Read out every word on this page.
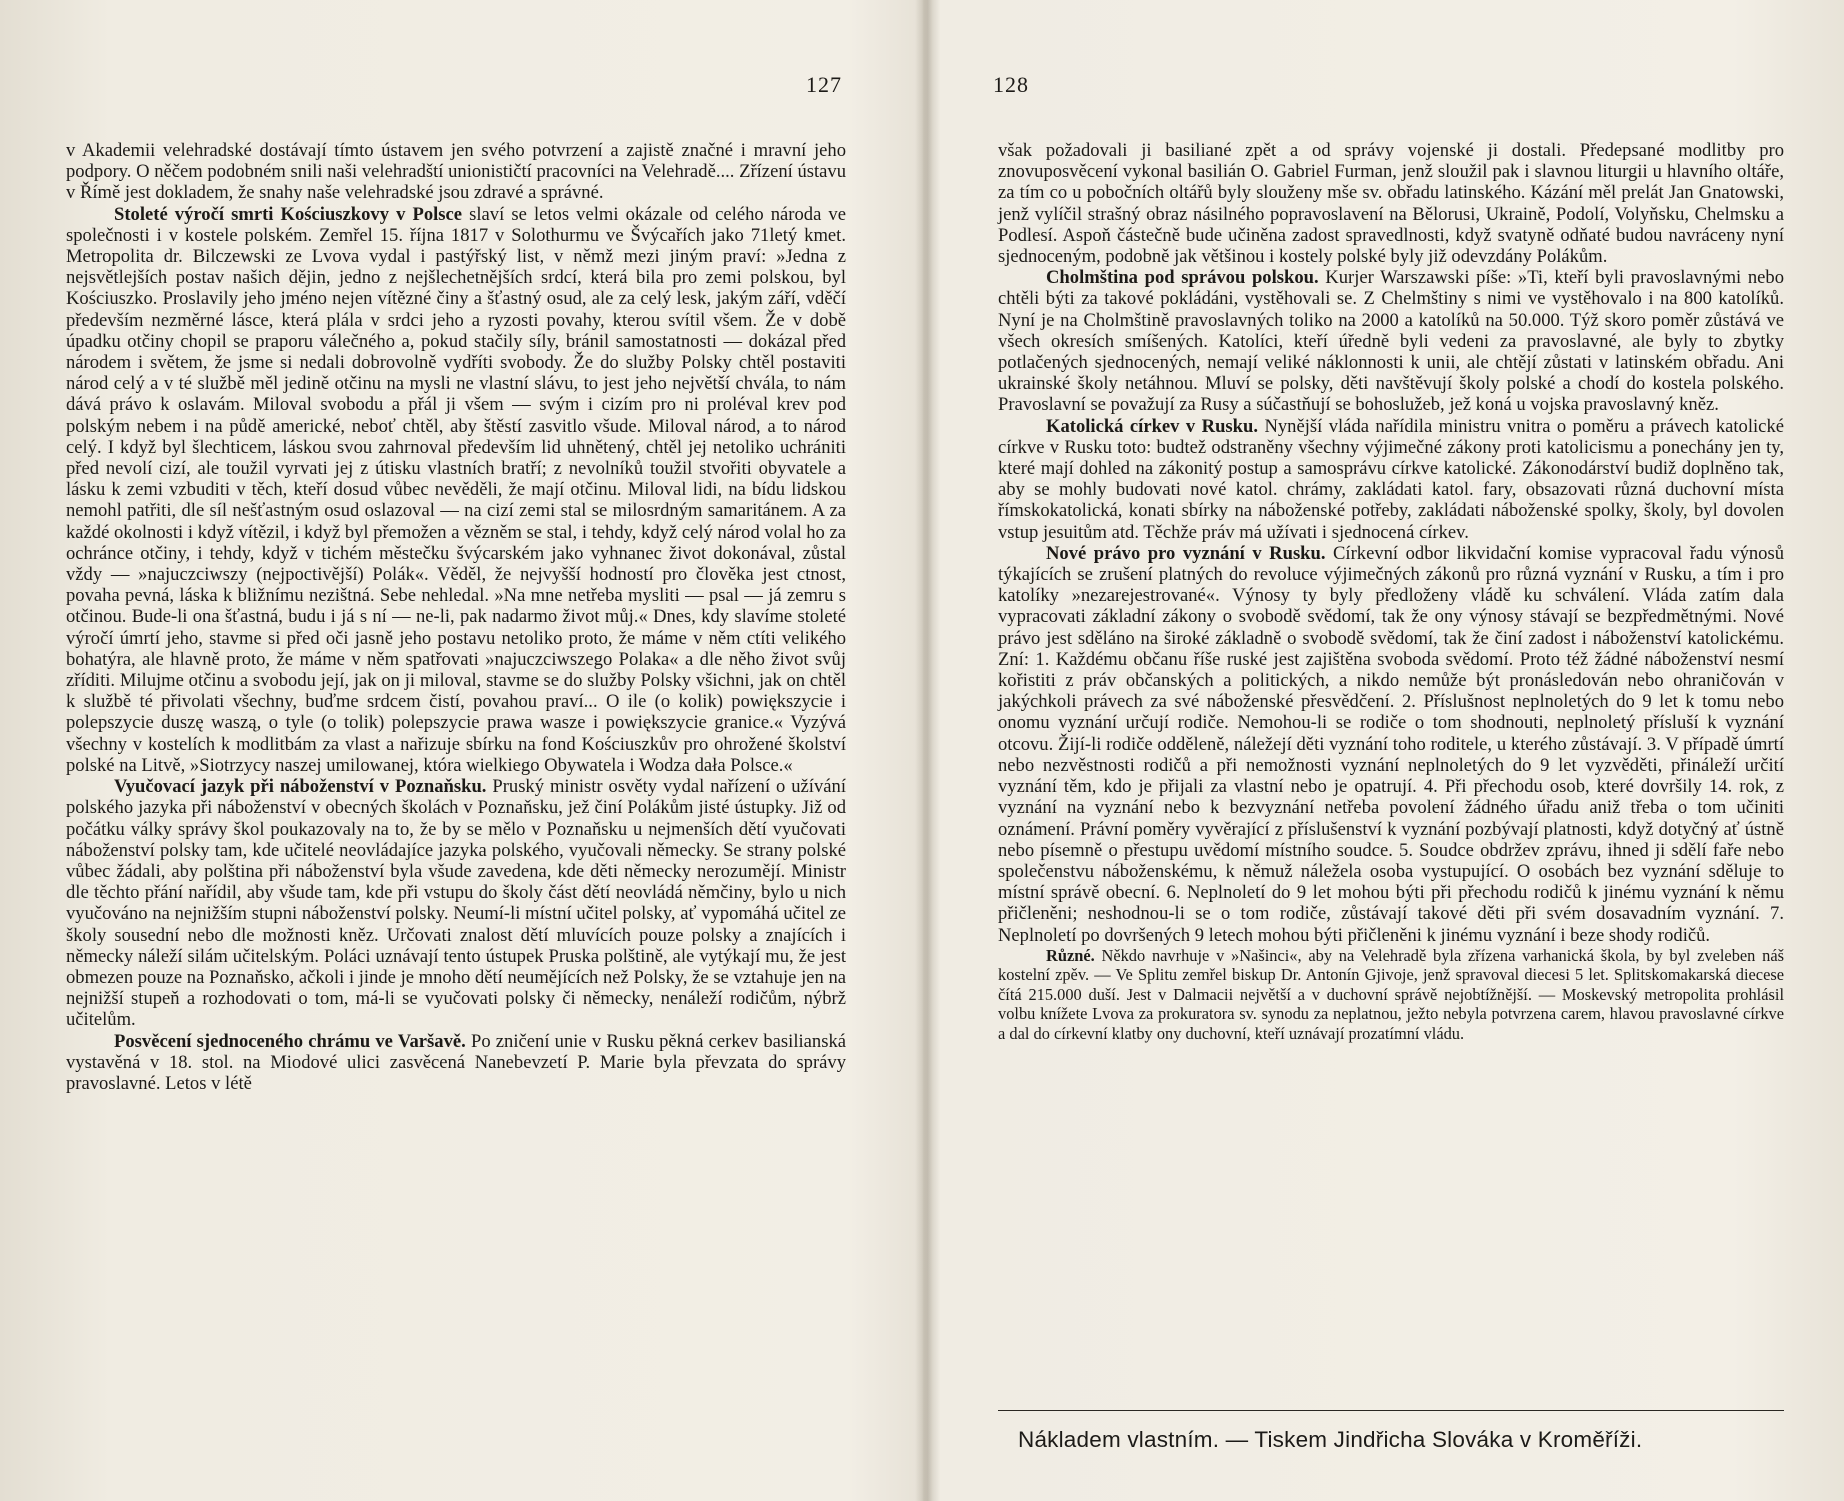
127

v Akademii velehradské dostávají tímto ústavem jen svého potvrzení a zajistě značné i mravní jeho podpory. O něčem podobném snili naši velehradští unionističtí pracovníci na Velehradě.... Zřízení ústavu v Římě jest dokladem, že snahy naše velehradské jsou zdravé a správné.

Stoleté výročí smrti Kościuszkovy v Polsce slaví se letos velmi okázale od celého národa ve společnosti i v kostele polském. Zemřel 15. října 1817 v Solothurmu ve Švýcařích jako 71letý kmet. Metropolita dr. Bilczewski ze Lvova vydal i pastýřský list, v němž mezi jiným praví: »Jedna z nejsvětlejších postav našich dějin, jedno z nejšlechetnějších srdcí, která bila pro zemi polskou, byl Kościuszko. Proslavily jeho jméno nejen vítězné činy a šťastný osud, ale za celý lesk, jakým září, vděčí především nezměrné lásce, která plála v srdci jeho a ryzosti povahy, kterou svítil všem. Že v době úpadku otčiny chopil se praporu válečného a, pokud stačily síly, bránil samostatnosti — dokázal před národem i světem, že jsme si nedali dobrovolně vydříti svobody. Že do služby Polsky chtěl postaviti národ celý a v té službě měl jedině otčinu na mysli ne vlastní slávu, to jest jeho největší chvála, to nám dává právo k oslavám. Miloval svobodu a přál ji všem — svým i cizím pro ni proléval krev pod polským nebem i na půdě americké, neboť chtěl, aby štěstí zasvitlo všude. Miloval národ, a to národ celý. I když byl šlechticem, láskou svou zahrnoval především lid uhnětený, chtěl jej netoliko uchrániti před nevolí cizí, ale toužil vyrvati jej z útisku vlastních bratří; z nevolníků toužil stvořiti obyvatele a lásku k zemi vzbuditi v těch, kteří dosud vůbec nevěděli, že mají otčinu. Miloval lidi, na bídu lidskou nemohl patřiti, dle síl nešťastným osud oslazoval — na cizí zemi stal se milosrdným samaritánem. A za každé okolnosti i když vítězil, i když byl přemožen a vězněm se stal, i tehdy, když celý národ volal ho za ochránce otčiny, i tehdy, když v tichém městečku švýcarském jako vyhnanec život dokonával, zůstal vždy — »najuczciwszy (nejpoctivější) Polák«. Věděl, že nejvyšší hodností pro člověka jest ctnost, povaha pevná, láska k bližnímu nezištná. Sebe nehledal. »Na mne netřeba mysliti — psal — já zemru s otčinou. Bude-li ona šťastná, budu i já s ní — ne-li, pak nadarmo život můj.« Dnes, kdy slavíme stoleté výročí úmrtí jeho, stavme si před oči jasně jeho postavu netoliko proto, že máme v něm ctíti velikého bohatýra, ale hlavně proto, že máme v něm spatřovati »najuczciwszego Polaka« a dle něho život svůj zříditi. Milujme otčinu a svobodu její, jak on ji miloval, stavme se do služby Polsky všichni, jak on chtěl k službě té přivolati všechny, buďme srdcem čistí, povahou praví... O ile (o kolik) powiększycie i polepszycie duszę waszą, o tyle (o tolik) polepszycie prawa wasze i powiększycie granice.« Vyzývá všechny v kostelích k modlitbám za vlast a nařizuje sbírku na fond Kościuszkův pro ohrožené školství polské na Litvě, »Siotrzycy naszej umilowanej, która wielkiego Obywatela i Wodza dała Polsce.«

Vyučovací jazyk při náboženství v Poznaňsku. Pruský ministr osvěty vydal nařízení o užívání polského jazyka při náboženství v obecných školách v Poznaňsku, jež činí Polákům jisté ústupky. Již od počátku války správy škol poukazovaly na to, že by se mělo v Poznaňsku u nejmenších dětí vyučovati náboženství polsky tam, kde učitelé neovládajíce jazyka polského, vyučovali německy. Se strany polské vůbec žádali, aby polština při náboženství byla všude zavedena, kde děti německy nerozumějí. Ministr dle těchto přání nařídil, aby všude tam, kde při vstupu do školy část dětí neovládá němčiny, bylo u nich vyučováno na nejnižším stupni náboženství polsky. Neumí-li místní učitel polsky, ať vypomáhá učitel ze školy sousední nebo dle možnosti kněz. Určovati znalost dětí mluvících pouze polsky a znajících i německy náleží silám učitelským. Poláci uznávají tento ústupek Pruska polštině, ale vytýkají mu, že jest obmezen pouze na Poznaňsko, ačkoli i jinde je mnoho dětí neumějících než Polsky, že se vztahuje jen na nejnižší stupeň a rozhodovati o tom, má-li se vyučovati polsky či německy, nenáleží rodičům, nýbrž učitelům.

Posvěcení sjednoceného chrámu ve Varšavě. Po zničení unie v Rusku pěkná cerkev basilianská vystavěná v 18. stol. na Miodové ulici zasvěcená Nanebevzetí P. Marie byla převzata do správy pravoslavné. Letos v létě

128

však požadovali ji basiliané zpět a od správy vojenské ji dostali. Předepsané modlitby pro znovuposvěcení vykonal basilián O. Gabriel Furman, jenž sloužil pak i slavnou liturgii u hlavního oltáře, za tím co u pobočních oltářů byly slouženy mše sv. obřadu latinského. Kázání měl prelát Jan Gnatowski, jenž vylíčil strašný obraz násilného popravoslavení na Bělorusi, Ukraině, Podolí, Volyňsku, Chelmsku a Podlesí. Aspoň částečně bude učiněna zadost spravedlnosti, když svatyně odňaté budou navráceny nyní sjednoceným, podobně jak většinou i kostely polské byly již odevzdány Polákům.

Cholmština pod správou polskou. Kurjer Warszawski píše: »Ti, kteří byli pravoslavnými nebo chtěli býti za takové pokládáni, vystěhovali se. Z Chelmštiny s nimi ve vystěhovalo i na 800 katolíků. Nyní je na Cholmštině pravoslavných toliko na 2000 a katolíků na 50.000. Týž skoro poměr zůstává ve všech okresích smíšených. Katolíci, kteří úředně byli vedeni za pravoslavné, ale byly to zbytky potlačených sjednocených, nemají veliké náklonnosti k unii, ale chtějí zůstati v latinském obřadu. Ani ukrainské školy netáhnou. Mluví se polsky, děti navštěvují školy polské a chodí do kostela polského. Pravoslavní se považují za Rusy a súčastňují se bohoslužeb, jež koná u vojska pravoslavný kněz.

Katolická církev v Rusku. Nynější vláda nařídila ministru vnitra o poměru a právech katolické církve v Rusku toto: budtež odstraněny všechny výjimečné zákony proti katolicismu a ponechány jen ty, které mají dohled na zákonitý postup a samosprávu církve katolické. Zákonodárství budiž doplněno tak, aby se mohly budovati nové katol. chrámy, zakládati katol. fary, obsazovati různá duchovní místa římskokatolická, konati sbírky na náboženské potřeby, zakládati náboženské spolky, školy, byl dovolen vstup jesuitům atd. Těchže práv má užívati i sjednocená církev.

Nové právo pro vyznání v Rusku. Církevní odbor likvidační komise vypracoval řadu výnosů týkajících se zrušení platných do revoluce výjimečných zákonů pro různá vyznání v Rusku, a tím i pro katolíky »nezarejestrované«. Výnosy ty byly předloženy vládě ku schválení. Vláda zatím dala vypracovati základní zákony o svobodě svědomí, tak že ony výnosy stávají se bezpředmětnými. Nové právo jest sděláno na široké základně o svobodě svědomí, tak že činí zadost i náboženství katolickému. Zní: 1. Každému občanu říše ruské jest zajištěna svoboda svědomí. Proto též žádné náboženství nesmí kořistiti z práv občanských a politických, a nikdo nemůže být pronásledován nebo ohraničován v jakýchkoli právech za své náboženské přesvědčení. 2. Příslušnost neplnoletých do 9 let k tomu nebo onomu vyznání určují rodiče. Nemohou-li se rodiče o tom shodnouti, neplnoletý přísluší k vyznání otcovu. Žijí-li rodiče odděleně, náležejí děti vyznání toho roditele, u kterého zůstávají. 3. V případě úmrtí nebo nezvěstnosti rodičů a při nemožnosti vyznání neplnoletých do 9 let vyzvěděti, přináleží určití vyznání těm, kdo je přijali za vlastní nebo je opatrují. 4. Při přechodu osob, které dovršily 14. rok, z vyznání na vyznání nebo k bezvyznání netřeba povolení žádného úřadu aniž třeba o tom učiniti oznámení. Právní poměry vyvěrající z příslušenství k vyznání pozbývají platnosti, když dotyčný ať ústně nebo písemně o přestupu uvědomí místního soudce. 5. Soudce obdržev zprávu, ihned ji sdělí faře nebo společenstvu náboženskému, k němuž náležela osoba vystupující. O osobách bez vyznání sděluje to místní správě obecní. 6. Neplnoletí do 9 let mohou býti při přechodu rodičů k jinému vyznání k němu přičleněni; neshodnou-li se o tom rodiče, zůstávají takové děti při svém dosavadním vyznání. 7. Neplnoletí po dovršených 9 letech mohou býti přičleněni k jinému vyznání i beze shody rodičů.

Různé. Někdo navrhuje v »Našinci«, aby na Velehradě byla zřízena varhanická škola, by byl zveleben náš kostelní zpěv. — Ve Splitu zemřel biskup Dr. Antonín Gjivoje, jenž spravoval diecesi 5 let. Splitskomakarská diecese čítá 215.000 duší. Jest v Dalmacii největší a v duchovní správě nejobtížnější. — Moskevský metropolita prohlásil volbu knížete Lvova za prokuratora sv. synodu za neplatnou, ježto nebyla potvrzena carem, hlavou pravoslavné církve a dal do církevní klatby ony duchovní, kteří uznávají prozatímní vládu.

Nákladem vlastním. — Tiskem Jindřicha Slováka v Kroměříži.
